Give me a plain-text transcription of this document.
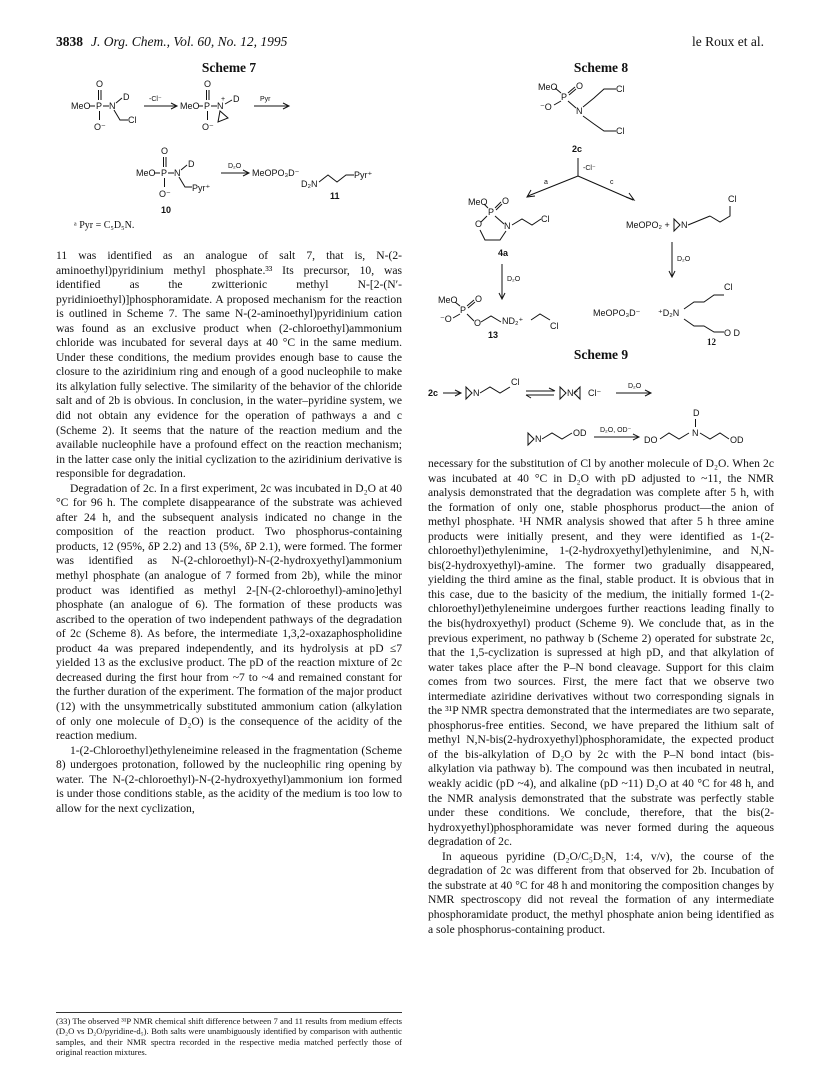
3838 J. Org. Chem., Vol. 60, No. 12, 1995	le Roux et al.

Scheme 7

O
MeO P N
D
Cl
O⁻
-Cl⁻
O
MeO P N
+ D
O⁻
Pyr
O
MeO P N
D
Pyr⁺
O⁻
10
D₂O
MeOPO₃D⁻
D₂N
Pyr⁺
11

ᵃ Pyr = C₅D₅N.

11 was identified as an analogue of salt 7, that is, N-(2-aminoethyl)pyridinium methyl phosphate.³³ Its precursor, 10, was identified as the zwitterionic methyl N-[2-(N′-pyridinioethyl)]phosphoramidate. A proposed mechanism for the reaction is outlined in Scheme 7. The same N-(2-aminoethyl)pyridinium cation was found as an exclusive product when (2-chloroethyl)ammonium chloride was incubated for several days at 40 °C in the same medium. Under these conditions, the medium provides enough base to cause the closure to the aziridinium ring and enough of a good nucleophile to make its alkylation fully selective. The similarity of the behavior of the chloride salt and of 2b is obvious. In conclusion, in the water–pyridine system, we did not obtain any evidence for the operation of pathways a and c (Scheme 2). It seems that the nature of the reaction medium and the available nucleophile have a profound effect on the reaction mechanism; in the latter case only the initial cyclization to the aziridinium derivative is responsible for degradation.

Degradation of 2c. In a first experiment, 2c was incubated in D₂O at 40 °C for 96 h. The complete disappearance of the substrate was achieved after 24 h, and the subsequent analysis indicated no change in the composition of the reaction product. Two phosphorus-containing products, 12 (95%, δP 2.2) and 13 (5%, δP 2.1), were formed. The former was identified as N-(2-chloroethyl)-N-(2-hydroxyethyl)ammonium methyl phosphate (an analogue of 7 formed from 2b), while the minor product was identified as methyl 2-[N-(2-chloroethyl)-amino]ethyl phosphate (an analogue of 6). The formation of these products was ascribed to the operation of two independent pathways of the degradation of 2c (Scheme 8). As before, the intermediate 1,3,2-oxazaphospholidine product 4a was prepared independently, and its hydrolysis at pD ≤7 yielded 13 as the exclusive product. The pD of the reaction mixture of 2c decreased during the first hour from ~7 to ~4 and remained constant for the further duration of the experiment. The formation of the major product (12) with the unsymmetrically substituted ammonium cation (alkylation of only one molecule of D₂O) is the consequence of the acidity of the reaction medium.

1-(2-Chloroethyl)ethyleneimine released in the fragmentation (Scheme 8) undergoes protonation, followed by the nucleophilic ring opening by water. The N-(2-chloroethyl)-N-(2-hydroxyethyl)ammonium ion formed is under those conditions stable, as the acidity of the medium is too low to allow for the next cyclization,

(33) The observed ³¹P NMR chemical shift difference between 7 and 11 results from medium effects (D₂O vs D₂O/pyridine-d₅). Both salts were unambiguously identified by comparison with authentic samples, and their NMR spectra recorded in the respective media matched perfectly those of original reaction mixtures.

Scheme 8

MeO
P
O
⁻O	N
Cl
Cl
2c
-Cl⁻
a	c
MeO
P
O
O N
Cl
4a
Cl
MeOPO₂ + N
D₂O
D₂O
MeO
P
O
⁻O O ND₂⁺	Cl
13
MeOPO₃D⁻ ⁺D₂N
Cl
O D

12

Scheme 9

2c	N
Cl
N⁺ Cl⁻
D₂O
D
N
DO	OD
N
OD D₂O, OD⁻

necessary for the substitution of Cl by another molecule of D₂O. When 2c was incubated at 40 °C in D₂O with pD adjusted to ~11, the NMR analysis demonstrated that the degradation was complete after 5 h, with the formation of only one, stable phosphorus product—the anion of methyl phosphate. ¹H NMR analysis showed that after 5 h three amine products were initially present, and they were identified as 1-(2-chloroethyl)ethylenimine, 1-(2-hydroxyethyl)ethylenimine, and N,N-bis(2-hydroxyethyl)-amine. The former two gradually disappeared, yielding the third amine as the final, stable product. It is obvious that in this case, due to the basicity of the medium, the initially formed 1-(2-chloroethyl)ethyleneimine undergoes further reactions leading finally to the bis(hydroxyethyl) product (Scheme 9). We conclude that, as in the previous experiment, no pathway b (Scheme 2) operated for substrate 2c, that the 1,5-cyclization is supressed at high pD, and that alkylation of water takes place after the P–N bond cleavage. Support for this claim comes from two sources. First, the mere fact that we observe two intermediate aziridine derivatives without two corresponding signals in the ³¹P NMR spectra demonstrated that the intermediates are two separate, phosphorus-free entities. Second, we have prepared the lithium salt of methyl N,N-bis(2-hydroxyethyl)phosphoramidate, the expected product of the bis-alkylation of D₂O by 2c with the P–N bond intact (bis-alkylation via pathway b). The compound was then incubated in neutral, weakly acidic (pD ~4), and alkaline (pD ~11) D₂O at 40 °C for 48 h, and the NMR analysis demonstrated that the substrate was perfectly stable under these conditions. We conclude, therefore, that the bis(2-hydroxyethyl)phosphoramidate was never formed during the aqueous degradation of 2c.

In aqueous pyridine (D₂O/C₅D₅N, 1:4, v/v), the course of the degradation of 2c was different from that observed for 2b. Incubation of the substrate at 40 °C for 48 h and monitoring the composition changes by NMR spectroscopy did not reveal the formation of any intermediate phosphoramidate product, the methyl phosphate anion being identified as a sole phosphorus-containing product.
